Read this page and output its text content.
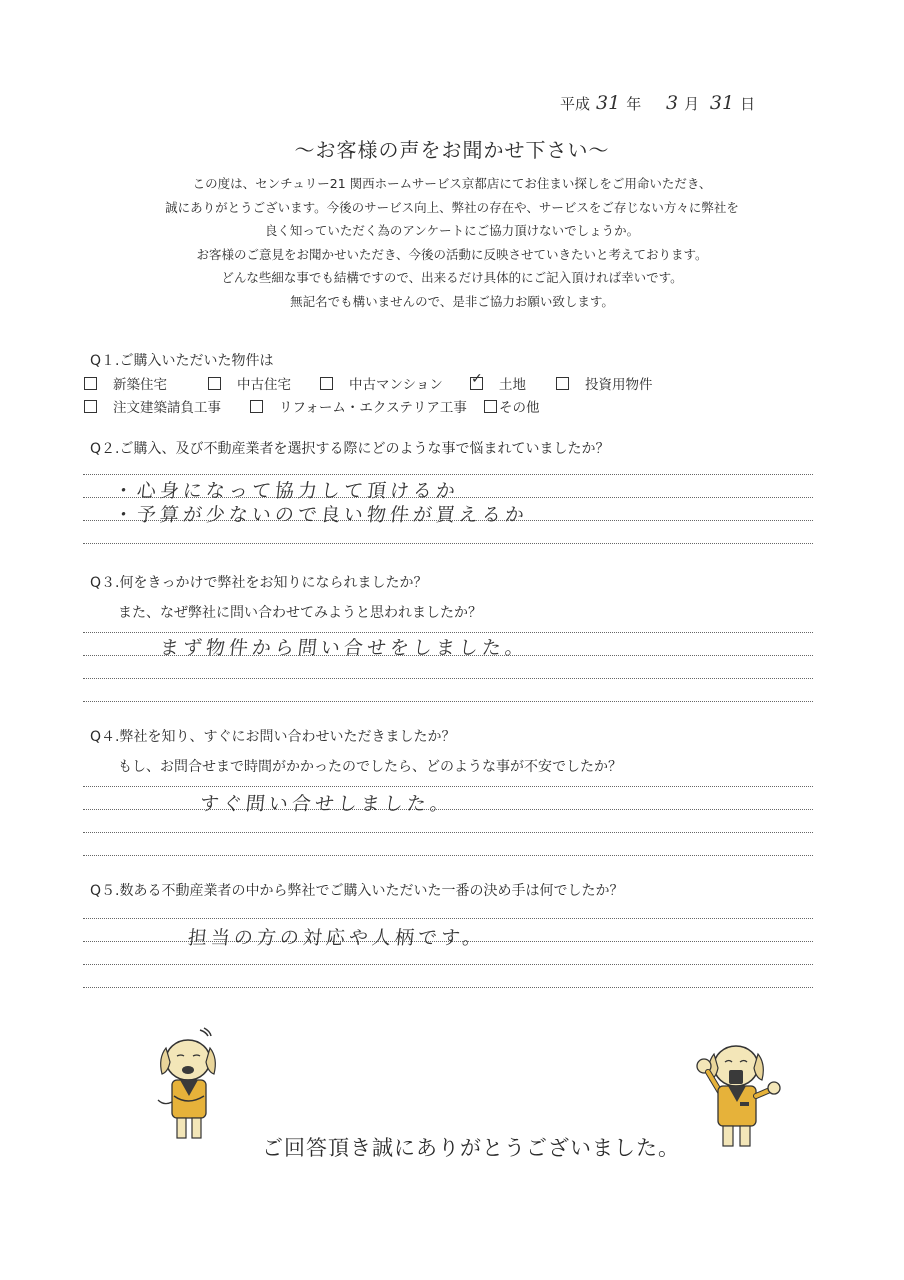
平成 31 年 3 月 31 日
～お客様の声をお聞かせ下さい～
この度は、センチュリー21 関西ホームサービス京都店にてお住まい探しをご用命いただき、
誠にありがとうございます。今後のサービス向上、弊社の存在や、サービスをご存じない方々に弊社を
良く知っていただく為のアンケートにご協力頂けないでしょうか。
お客様のご意見をお聞かせいただき、今後の活動に反映させていきたいと考えております。
どんな些細な事でも結構ですので、出来るだけ具体的にご記入頂ければ幸いです。
無記名でも構いませんので、是非ご協力お願い致します。
Q１.ご購入いただいた物件は
新築住宅	中古住宅	中古マンション
✓	土地	投資用物件
注文建築請負工事	リフォーム・エクステリア工事	その他
Q２.ご購入、及び不動産業者を選択する際にどのような事で悩まれていましたか？
・心身になって協力して頂けるか
・予算が少ないので良い物件が買えるか
Q３.何をきっかけで弊社をお知りになられましたか？
また、なぜ弊社に問い合わせてみようと思われましたか？
まず物件から問い合せをしました。
Q４.弊社を知り、すぐにお問い合わせいただきましたか？
もし、お問合せまで時間がかかったのでしたら、どのような事が不安でしたか？
すぐ問い合せしました。
Q５.数ある不動産業者の中から弊社でご購入いただいた一番の決め手は何でしたか？
担当の方の対応や人柄です。
ご回答頂き誠にありがとうございました。
